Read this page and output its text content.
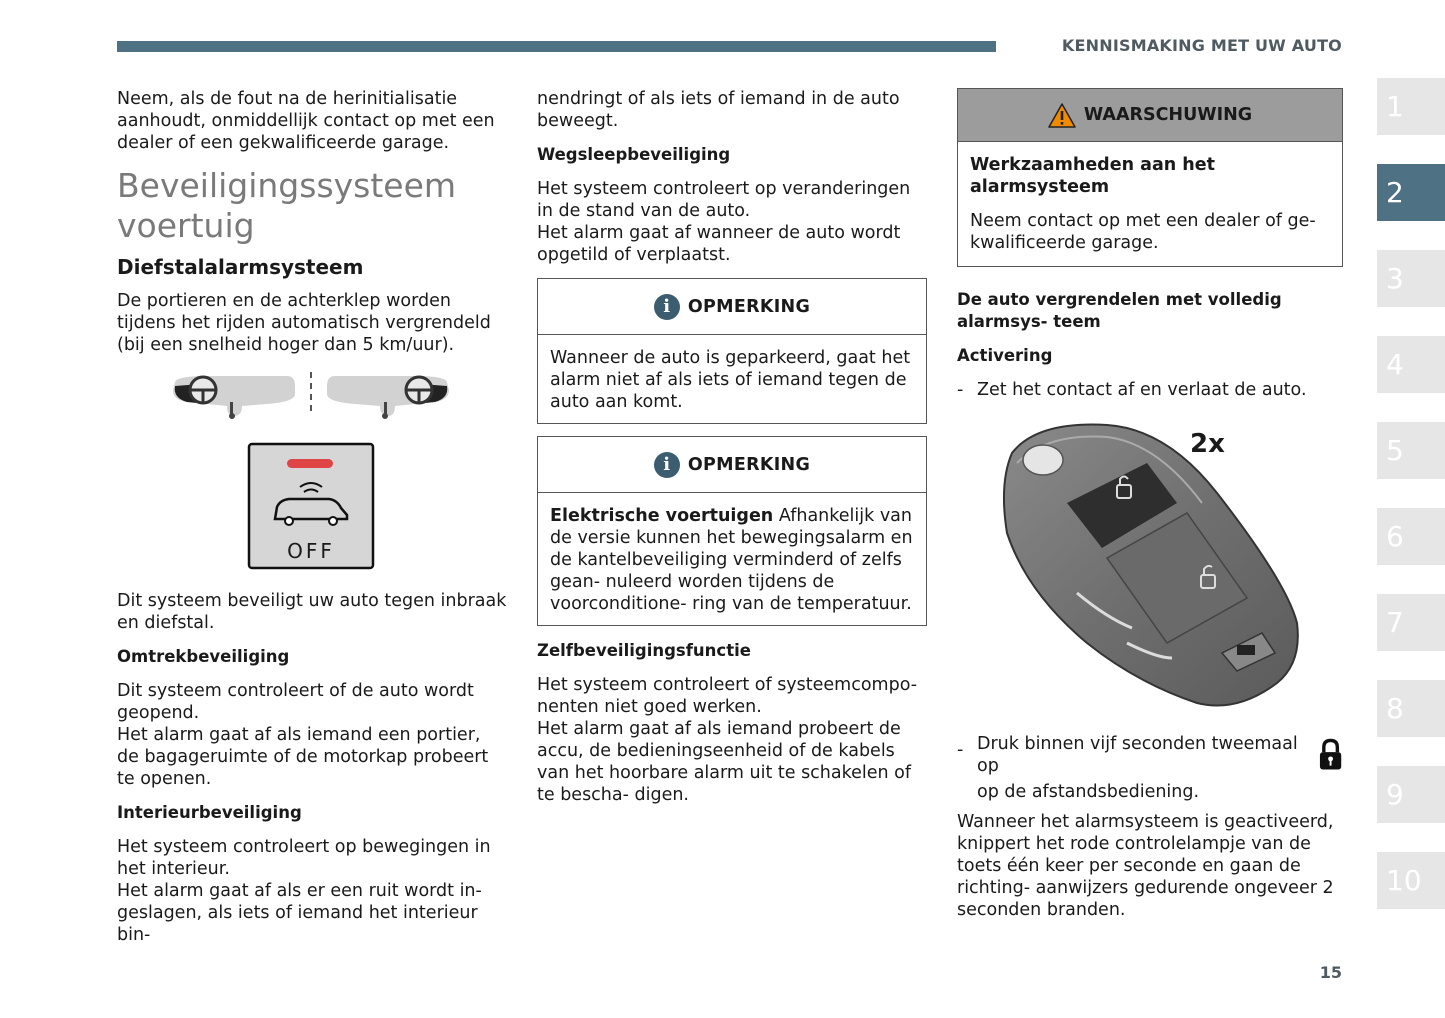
KENNISMAKING MET UW AUTO

Neem, als de fout na de herinitialisatie aanhoudt, onmiddellijk contact op met een dealer of een gekwalificeerde garage.

Beveiligingssysteem
voertuig
Diefstalalarmsysteem

De portieren en de achterklep worden tijdens het rijden automatisch vergrendeld (bij een snelheid hoger dan 5 km/uur).

OFF

Dit systeem beveiligt uw auto tegen inbraak en diefstal.

Omtrekbeveiliging

Dit systeem controleert of de auto wordt geopend.

Het alarm gaat af als iemand een portier, de bagageruimte of de motorkap probeert te openen.

Interieurbeveiliging

Het systeem controleert op bewegingen in het interieur.

Het alarm gaat af als er een ruit wordt in- geslagen, als iets of iemand het interieur bin-

nendringt of als iets of iemand in de auto beweegt.

Wegsleepbeveiliging

Het systeem controleert op veranderingen in de stand van de auto.

Het alarm gaat af wanneer de auto wordt opgetild of verplaatst.

i OPMERKING
Wanneer de auto is geparkeerd, gaat het alarm niet af als iets of iemand tegen de auto aan komt.
i OPMERKING
Elektrische voertuigen Afhankelijk van de versie kunnen het bewegingsalarm en de kantelbeveiliging verminderd of zelfs gean- nuleerd worden tijdens de voorconditione- ring van de temperatuur.
Zelfbeveiligingsfunctie

Het systeem controleert of systeemcompo- nenten niet goed werken.

Het alarm gaat af als iemand probeert de accu, de bedieningseenheid of de kabels van het hoorbare alarm uit te schakelen of te bescha- digen.

WAARSCHUWING
Werkzaamheden aan het alarmsysteem
Neem contact op met een dealer of ge- kwalificeerde garage.
De auto vergrendelen met volledig alarmsys- teem
Activering
- Zet het contact af en verlaat de auto.
2x
- Druk binnen vijf seconden tweemaal op
op de afstandsbediening.

Wanneer het alarmsysteem is geactiveerd, knippert het rode controlelampje van de toets één keer per seconde en gaan de richting- aanwijzers gedurende ongeveer 2 seconden branden.

1
2
3
4
5
6
7
8
9
10
15
